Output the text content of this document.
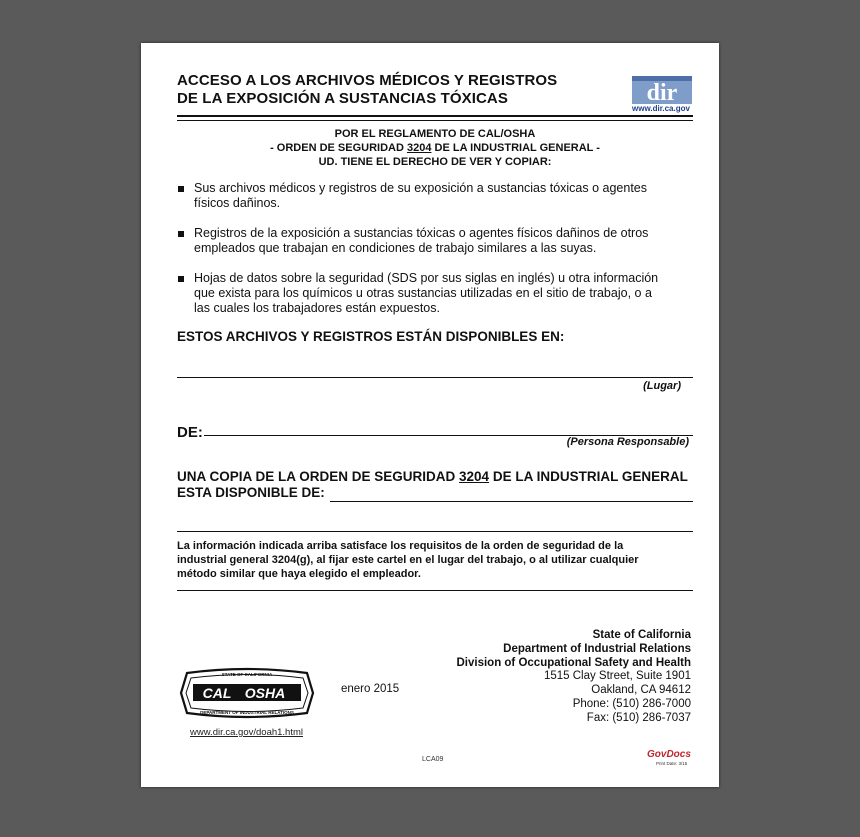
ACCESO A LOS ARCHIVOS MÉDICOS Y REGISTROS
DE LA EXPOSICIÓN A SUSTANCIAS TÓXICAS	dir
www.dir.ca.gov
POR EL REGLAMENTO DE CAL/OSHA
- ORDEN DE SEGURIDAD 3204 DE LA INDUSTRIAL GENERAL -
UD. TIENE EL DERECHO DE VER Y COPIAR:
Sus archivos médicos y registros de su exposición a sustancias tóxicas o agentes
físicos dañinos.
Registros de la exposición a sustancias tóxicas o agentes físicos dañinos de otros
empleados que trabajan en condiciones de trabajo similares a las suyas.
Hojas de datos sobre la seguridad (SDS por sus siglas en inglés) u otra información
que exista para los químicos u otras sustancias utilizadas en el sitio de trabajo, o a
las cuales los trabajadores están expuestos.
ESTOS ARCHIVOS Y REGISTROS ESTÁN DISPONIBLES EN:
(Lugar)
DE:
(Persona Responsable)
UNA COPIA DE LA ORDEN DE SEGURIDAD 3204 DE LA INDUSTRIAL GENERAL
ESTA DISPONIBLE DE:
La información indicada arriba satisface los requisitos de la orden de seguridad de la
industrial general 3204(g), al fijar este cartel en el lugar del trabajo, o al utilizar cualquier
método similar que haya elegido el empleador.
State of California
Department of Industrial Relations
Division of Occupational Safety and Health
1515 Clay Street, Suite 1901
Oakland, CA 94612
Phone: (510) 286-7000
Fax: (510) 286-7037
STATE OF CALIFORNIA
CAL OSHA
DEPARTMENT OF INDUSTRIAL RELATIONS
www.dir.ca.gov/doah1.html
enero 2015
LCA09	GovDocs
Print Date: 3/15
